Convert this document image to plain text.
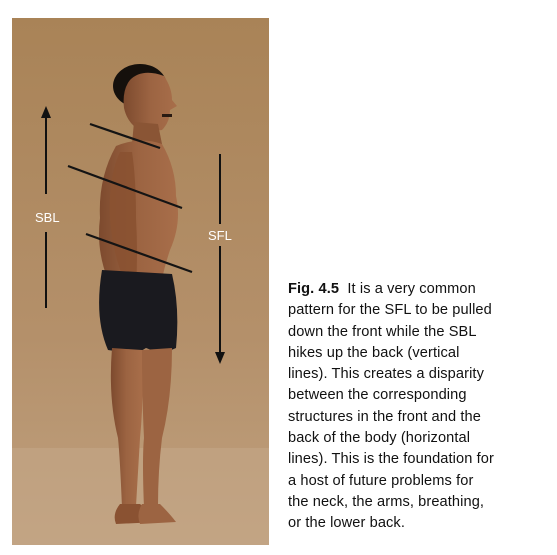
SBL
SFL
Fig. 4.5 It is a very common
pattern for the SFL to be pulled
down the front while the SBL
hikes up the back (vertical
lines). This creates a disparity
between the corresponding
structures in the front and the
back of the body (horizontal
lines). This is the foundation for
a host of future problems for
the neck, the arms, breathing,
or the lower back.
